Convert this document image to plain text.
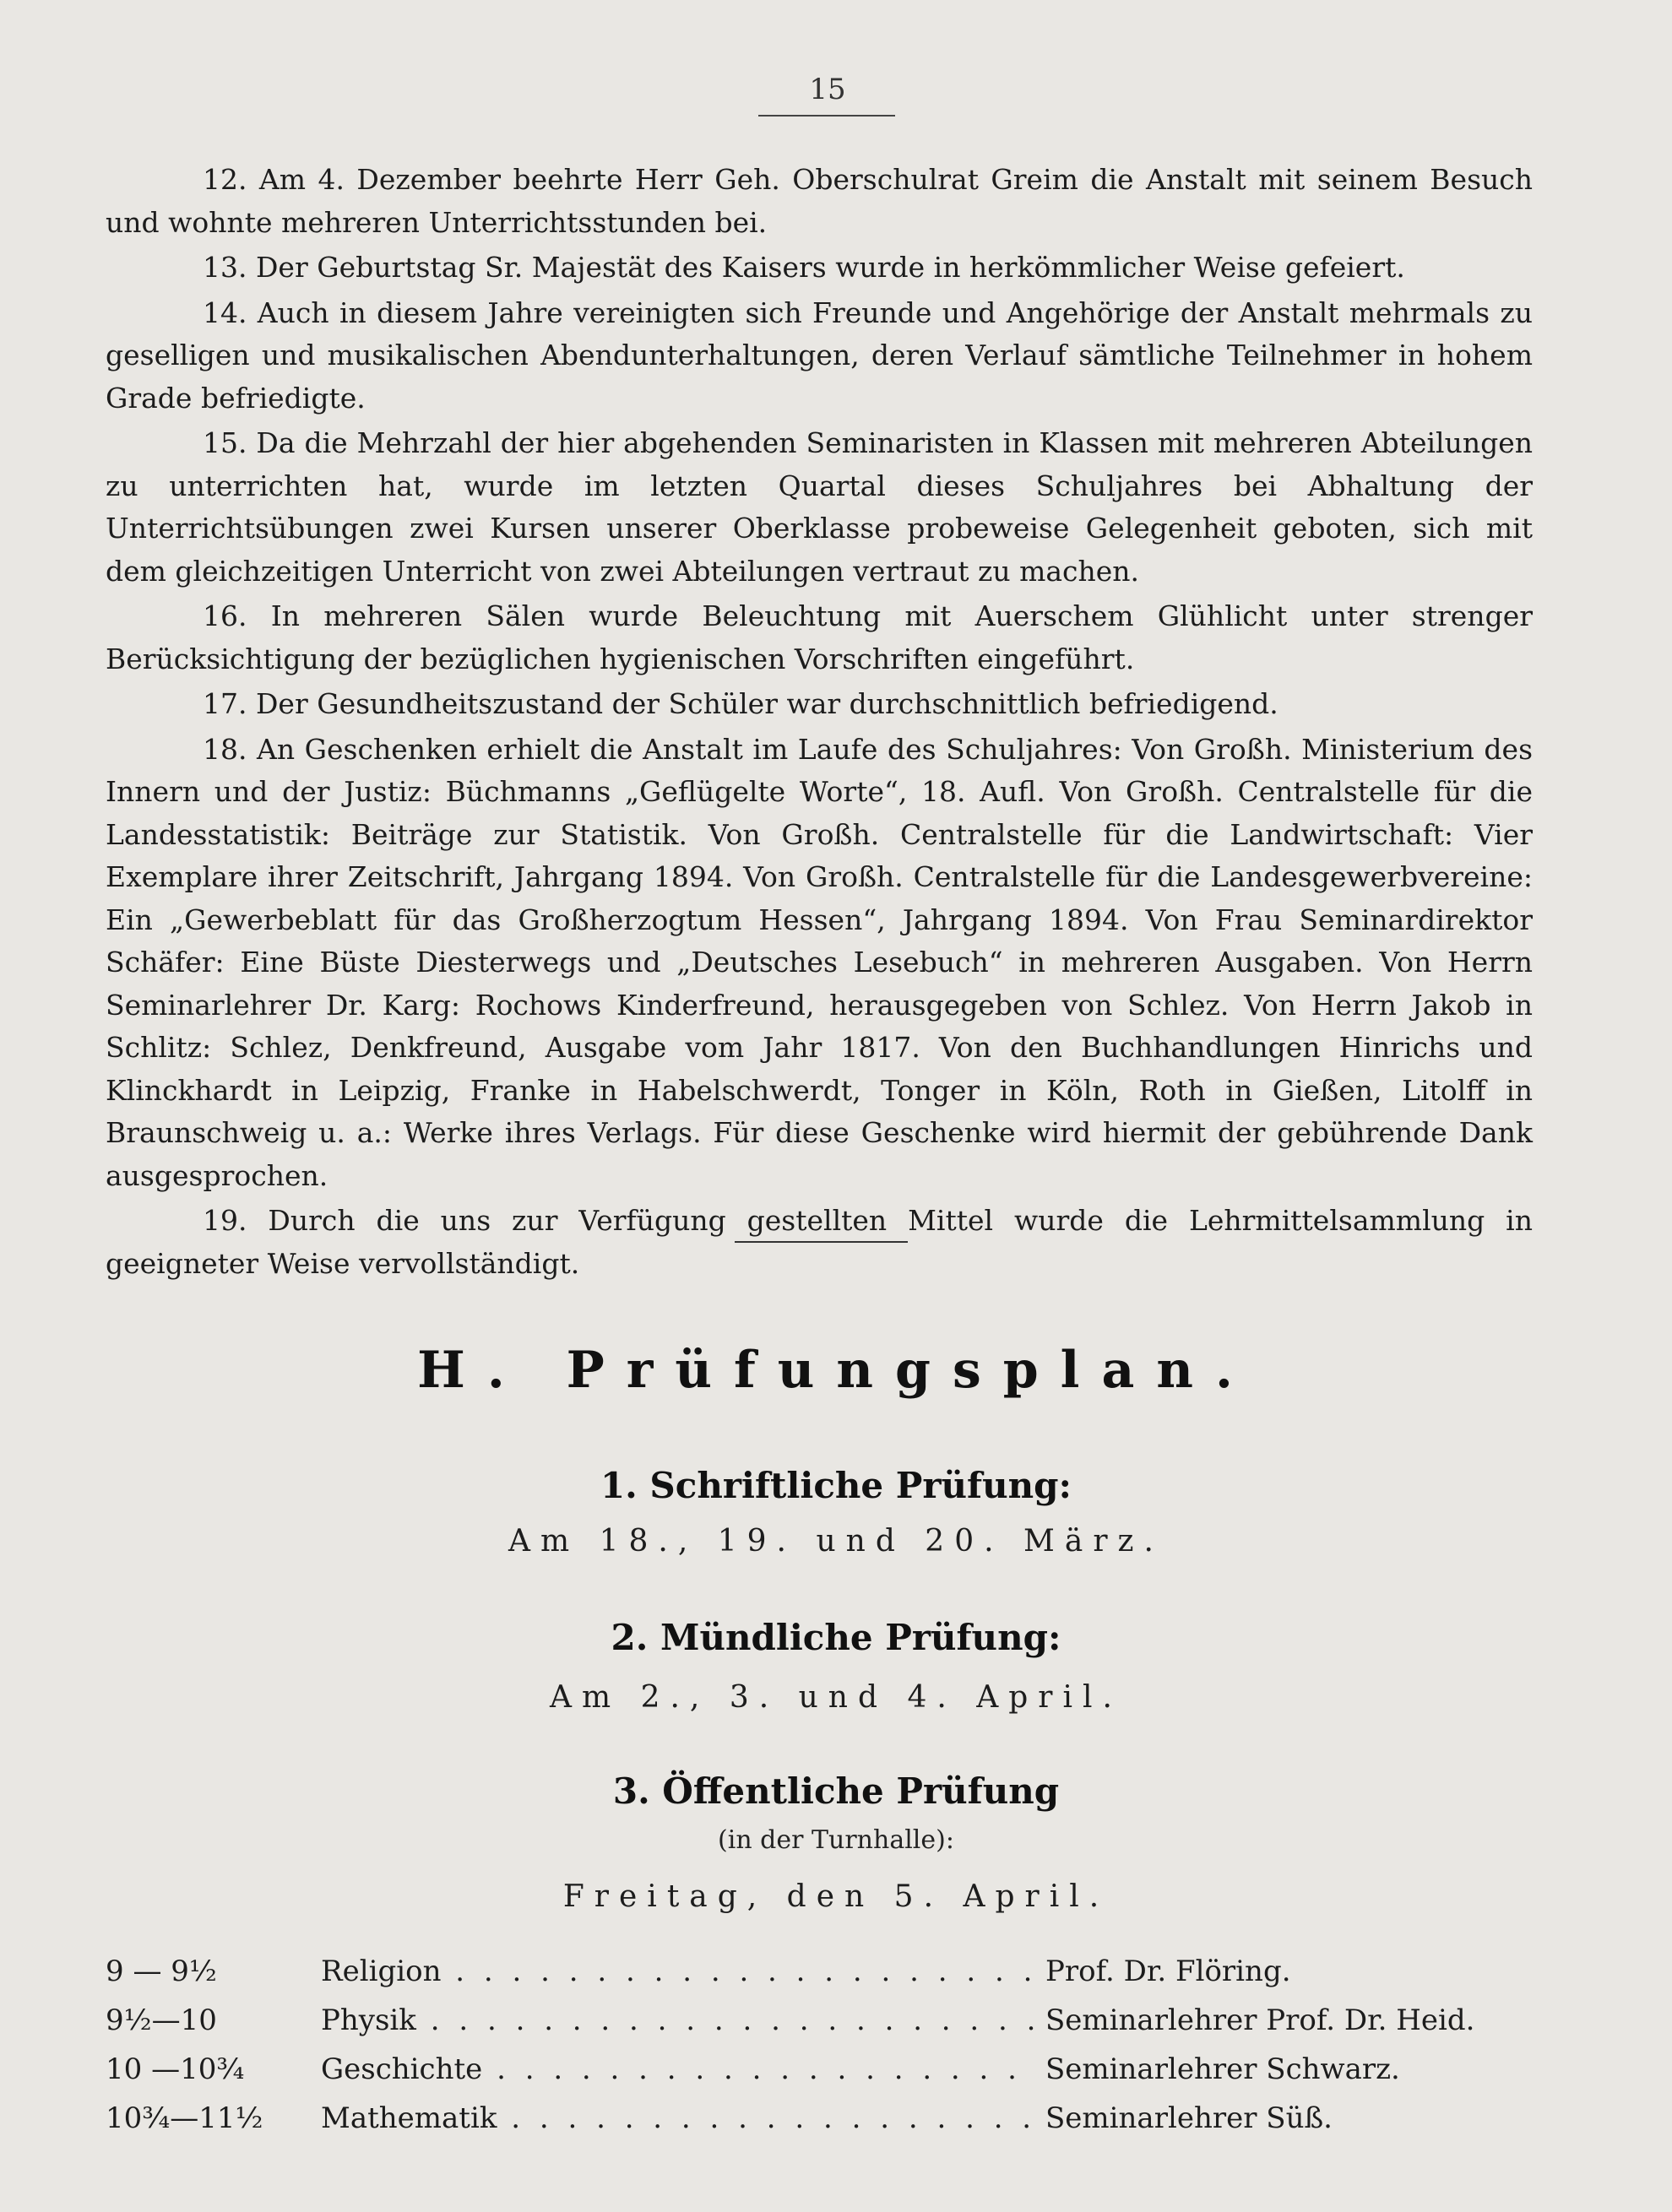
15

12. Am 4. Dezember beehrte Herr Geh. Oberschulrat Greim die Anstalt mit seinem Besuch und wohnte mehreren Unterrichtsstunden bei.

13. Der Geburtstag Sr. Majestät des Kaisers wurde in herkömmlicher Weise gefeiert.

14. Auch in diesem Jahre vereinigten sich Freunde und Angehörige der Anstalt mehrmals zu geselligen und musikalischen Abendunterhaltungen, deren Verlauf sämtliche Teilnehmer in hohem Grade befriedigte.

15. Da die Mehrzahl der hier abgehenden Seminaristen in Klassen mit mehreren Abteilungen zu unterrichten hat, wurde im letzten Quartal dieses Schuljahres bei Abhaltung der Unterrichtsübungen zwei Kursen unserer Oberklasse probeweise Gelegenheit geboten, sich mit dem gleichzeitigen Unterricht von zwei Abteilungen vertraut zu machen.

16. In mehreren Sälen wurde Beleuchtung mit Auerschem Glühlicht unter strenger Berücksichtigung der bezüglichen hygienischen Vorschriften eingeführt.

17. Der Gesundheitszustand der Schüler war durchschnittlich befriedigend.

18. An Geschenken erhielt die Anstalt im Laufe des Schuljahres: Von Großh. Ministerium des Innern und der Justiz: Büchmanns „Geflügelte Worte“, 18. Aufl. Von Großh. Centralstelle für die Landesstatistik: Beiträge zur Statistik. Von Großh. Centralstelle für die Landwirtschaft: Vier Exemplare ihrer Zeitschrift, Jahrgang 1894. Von Großh. Centralstelle für die Landesgewerbvereine: Ein „Gewerbeblatt für das Großherzogtum Hessen“, Jahrgang 1894. Von Frau Seminardirektor Schäfer: Eine Büste Diesterwegs und „Deutsches Lesebuch“ in mehreren Ausgaben. Von Herrn Seminarlehrer Dr. Karg: Rochows Kinderfreund, herausgegeben von Schlez. Von Herrn Jakob in Schlitz: Schlez, Denkfreund, Ausgabe vom Jahr 1817. Von den Buchhandlungen Hinrichs und Klinckhardt in Leipzig, Franke in Habelschwerdt, Tonger in Köln, Roth in Gießen, Litolff in Braunschweig u. a.: Werke ihres Verlags. Für diese Geschenke wird hiermit der gebührende Dank ausgesprochen.

19. Durch die uns zur Verfügung gestellten Mittel wurde die Lehrmittelsammlung in geeigneter Weise vervollständigt.

H. Prüfungsplan.
1. Schriftliche Prüfung:
Am 18., 19. und 20. März.
2. Mündliche Prüfung:
Am 2., 3. und 4. April.
3. Öffentliche Prüfung
(in der Turnhalle):
Freitag, den 5. April.
9 — 9½	Religion . . .	Prof. Dr. Flöring.
9½—10	Physik . . .	Seminarlehrer Prof. Dr. Heid.
10 —10¾	Geschichte . . .	Seminarlehrer Schwarz.
10¾—11½	Mathematik . . .	Seminarlehrer Süß.
